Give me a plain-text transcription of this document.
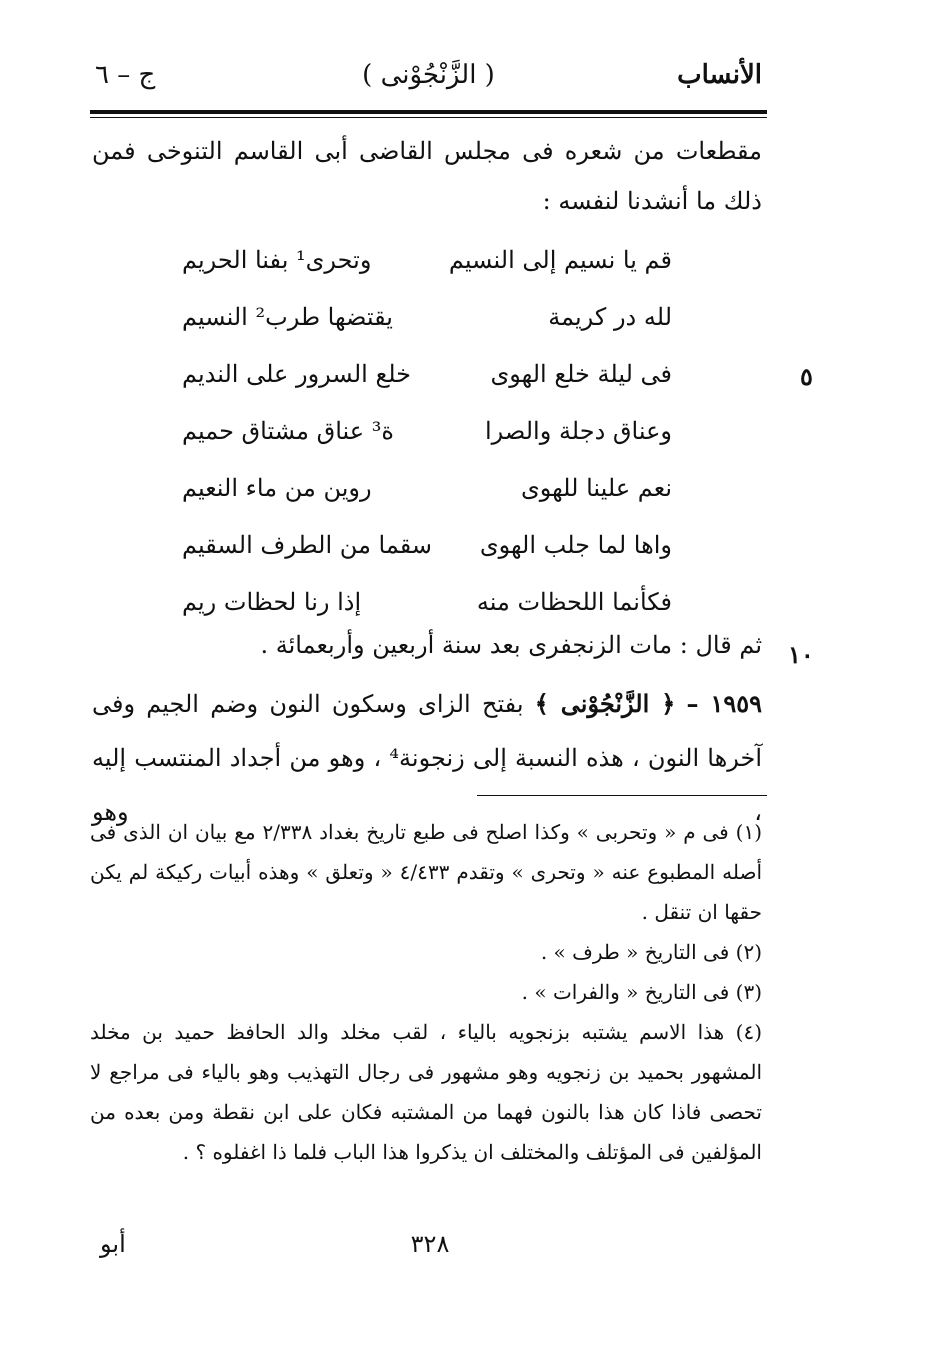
الأنساب
( الزَّنْجُوْنى )
ج – ٦
مقطعات من شعره فى مجلس القاضى أبى القاسم التنوخى فمن ذلك ما أنشدنا لنفسه :
قم يا نسيم إلى النسيم
وتحرى¹ بفنا الحريم
لله در كريمة
يقتضها طرب² النسيم
فى ليلة خلع الهوى
خلع السرور على النديم
وعناق دجلة والصرا
ة³ عناق مشتاق حميم
نعم علينا للهوى
روين من ماء النعيم
واها لما جلب الهوى
سقما من الطرف السقيم
فكأنما اللحظات منه
إذا رنا لحظات ريم
٥
١٠
ثم قال : مات الزنجفرى بعد سنة أربعين وأربعمائة .
١٩٥٩ – ﴿ الزَّنْجُوْنى ﴾ بفتح الزاى وسكون النون وضم الجيم وفى آخرها النون ، هذه النسبة إلى زنجونة⁴ ، وهو من أجداد المنتسب إليه ، وهو

(١) فى م « وتحربى » وكذا اصلح فى طبع تاريخ بغداد ٢/٣٣٨ مع بيان ان الذى فى أصله المطبوع عنه « وتحرى » وتقدم ٤/٤٣٣ « وتعلق » وهذه أبيات ركيكة لم يكن حقها ان تنقل .

(٢) فى التاريخ « طرف » .

(٣) فى التاريخ « والفرات » .

(٤) هذا الاسم يشتبه بزنجويه بالياء ، لقب مخلد والد الحافظ حميد بن مخلد المشهور بحميد بن زنجويه وهو مشهور فى رجال التهذيب وهو بالياء فى مراجع لا تحصى فاذا كان هذا بالنون فهما من المشتبه فكان على ابن نقطة ومن بعده من المؤلفين فى المؤتلف والمختلف ان يذكروا هذا الباب فلما ذا اغفلوه ؟ .

٣٢٨
أبو
